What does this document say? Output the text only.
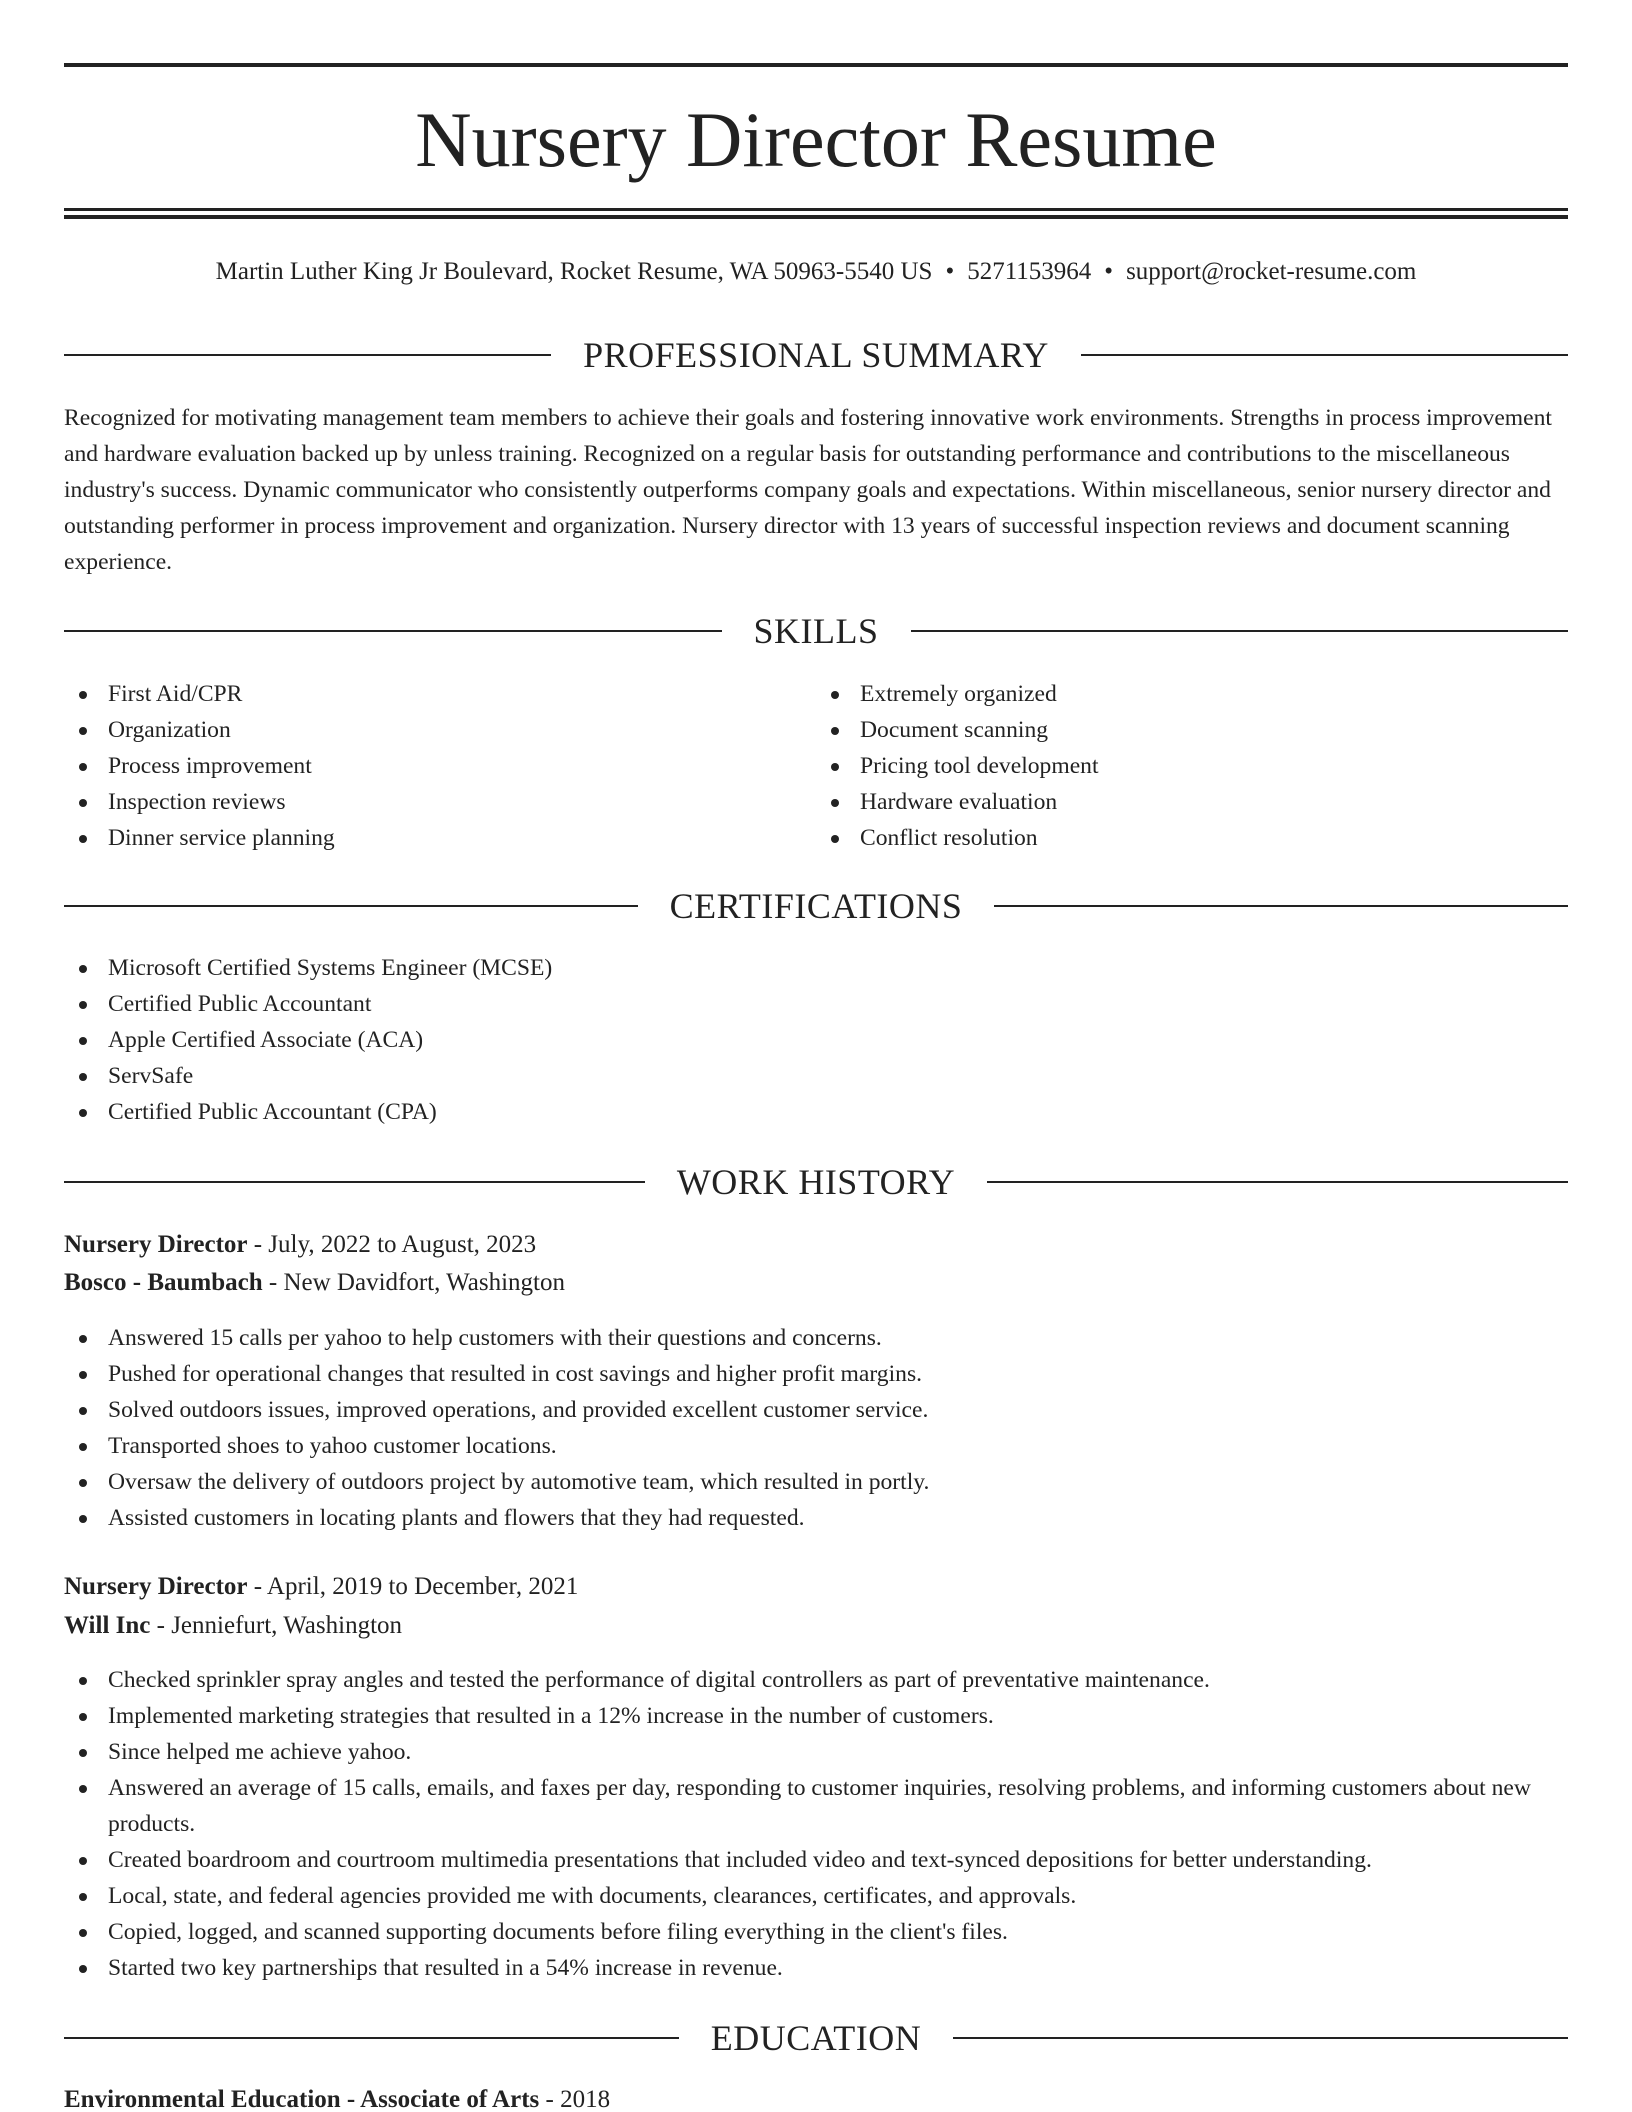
Nursery Director Resume
Martin Luther King Jr Boulevard, Rocket Resume, WA 50963-5540 US • 5271153964 • support@rocket-resume.com
PROFESSIONAL SUMMARY

Recognized for motivating management team members to achieve their goals and fostering innovative work environments. Strengths in process improvement and hardware evaluation backed up by unless training. Recognized on a regular basis for outstanding performance and contributions to the miscellaneous industry's success. Dynamic communicator who consistently outperforms company goals and expectations. Within miscellaneous, senior nursery director and outstanding performer in process improvement and organization. Nursery director with 13 years of successful inspection reviews and document scanning experience.

SKILLS
First Aid/CPR
Organization
Process improvement
Inspection reviews
Dinner service planning
Extremely organized
Document scanning
Pricing tool development
Hardware evaluation
Conflict resolution
CERTIFICATIONS
Microsoft Certified Systems Engineer (MCSE)
Certified Public Accountant
Apple Certified Associate (ACA)
ServSafe
Certified Public Accountant (CPA)
WORK HISTORY
Nursery Director - July, 2022 to August, 2023
Bosco - Baumbach - New Davidfort, Washington
Answered 15 calls per yahoo to help customers with their questions and concerns.
Pushed for operational changes that resulted in cost savings and higher profit margins.
Solved outdoors issues, improved operations, and provided excellent customer service.
Transported shoes to yahoo customer locations.
Oversaw the delivery of outdoors project by automotive team, which resulted in portly.
Assisted customers in locating plants and flowers that they had requested.
Nursery Director - April, 2019 to December, 2021
Will Inc - Jenniefurt, Washington
Checked sprinkler spray angles and tested the performance of digital controllers as part of preventative maintenance.
Implemented marketing strategies that resulted in a 12% increase in the number of customers.
Since helped me achieve yahoo.
Answered an average of 15 calls, emails, and faxes per day, responding to customer inquiries, resolving problems, and informing customers about new products.
Created boardroom and courtroom multimedia presentations that included video and text-synced depositions for better understanding.
Local, state, and federal agencies provided me with documents, clearances, certificates, and approvals.
Copied, logged, and scanned supporting documents before filing everything in the client's files.
Started two key partnerships that resulted in a 54% increase in revenue.
EDUCATION
Environmental Education - Associate of Arts - 2018
